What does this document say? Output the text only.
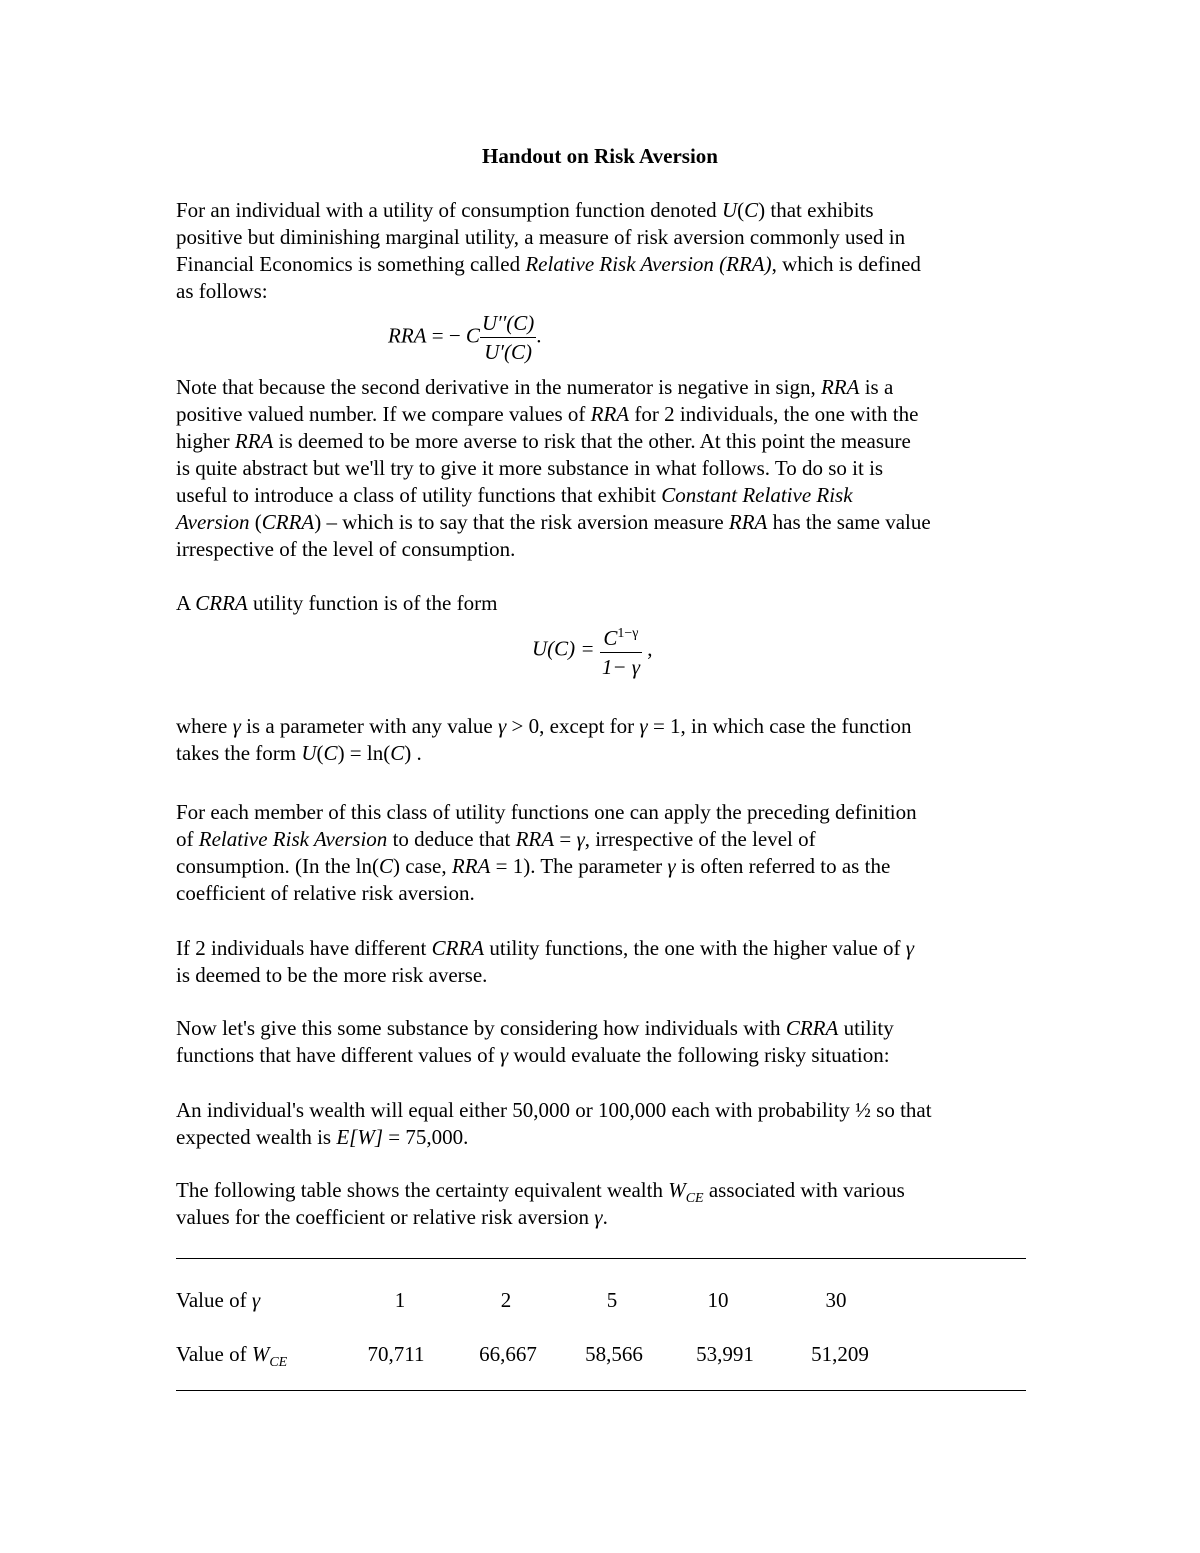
Handout on Risk Aversion
For an individual with a utility of consumption function denoted U(C) that exhibits
positive but diminishing marginal utility, a measure of risk aversion commonly used in
Financial Economics is something called Relative Risk Aversion (RRA), which is defined
as follows:
RRA = − C $\frac{U''(C)}{U'(C)}$ .
Note that because the second derivative in the numerator is negative in sign, RRA is a
positive valued number. If we compare values of RRA for 2 individuals, the one with the
higher RRA is deemed to be more averse to risk that the other. At this point the measure
is quite abstract but we'll try to give it more substance in what follows. To do so it is
useful to introduce a class of utility functions that exhibit Constant Relative Risk
Aversion (CRRA) – which is to say that the risk aversion measure RRA has the same value
irrespective of the level of consumption.
A CRRA utility function is of the form
$U(C) = \frac{C^{1-\gamma}}{1- \gamma}$ ,
where γ is a parameter with any value γ > 0, except for γ = 1, in which case the function
takes the form U(C) = ln(C) .
For each member of this class of utility functions one can apply the preceding definition
of Relative Risk Aversion to deduce that RRA = γ, irrespective of the level of
consumption. (In the ln(C) case, RRA = 1). The parameter γ is often referred to as the
coefficient of relative risk aversion.
If 2 individuals have different CRRA utility functions, the one with the higher value of γ
is deemed to be the more risk averse.
Now let's give this some substance by considering how individuals with CRRA utility
functions that have different values of γ would evaluate the following risky situation:
An individual's wealth will equal either 50,000 or 100,000 each with probability ½ so that
expected wealth is E[W] = 75,000.
The following table shows the certainty equivalent wealth $W_{CE}$ associated with various
values for the coefficient or relative risk aversion γ.
Value of γ	1	2	5	10	30
Value of $W_{CE}$	70,711	66,667	58,566	53,991	51,209
